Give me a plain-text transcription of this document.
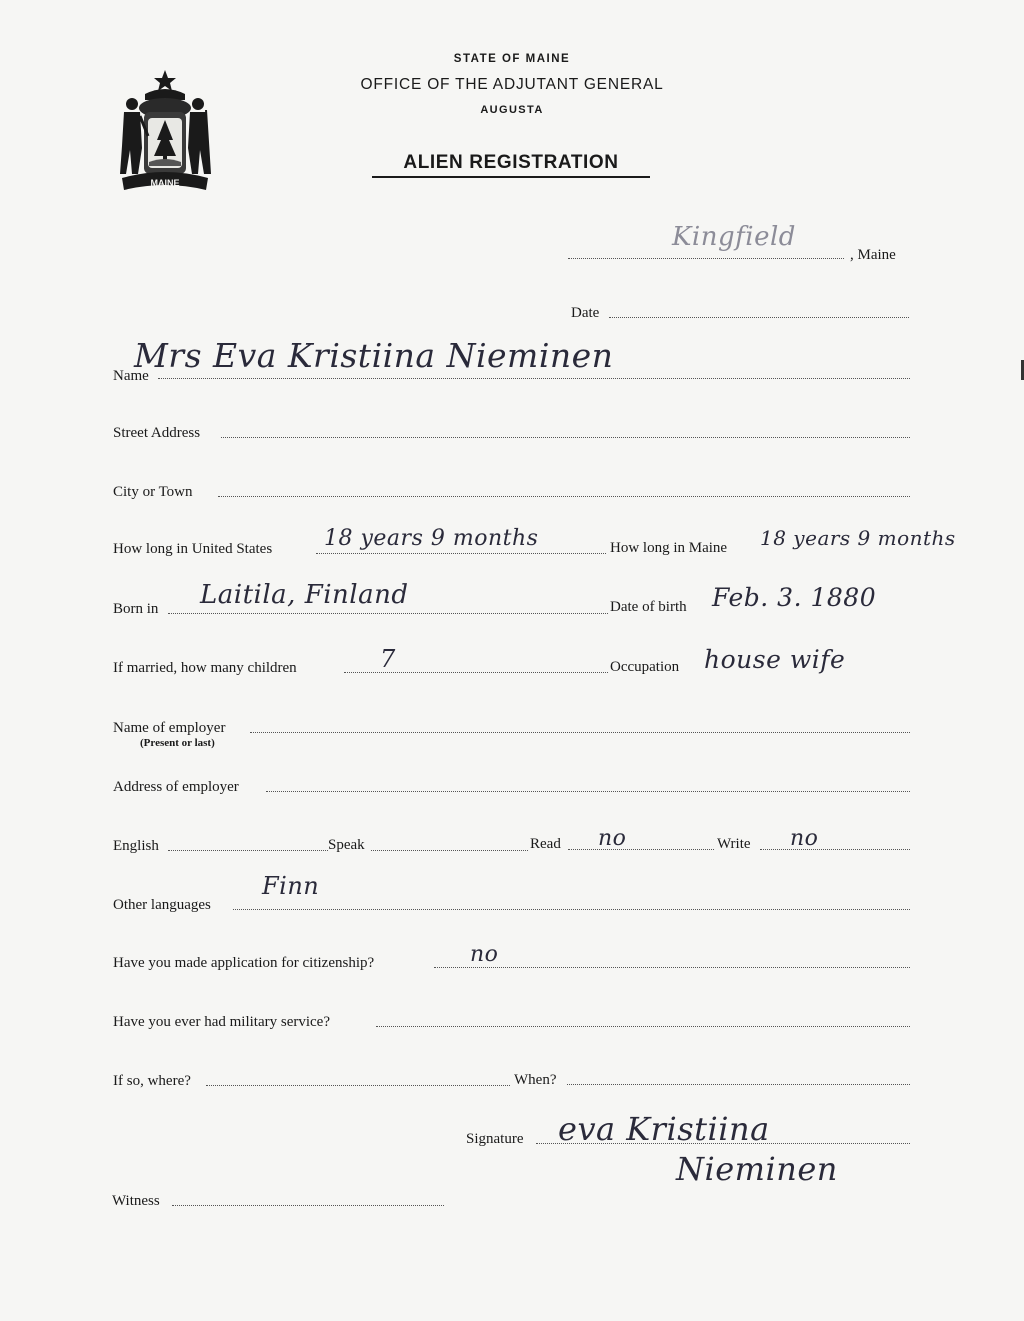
MAINE
STATE OF MAINE
OFFICE OF THE ADJUTANT GENERAL
AUGUSTA
ALIEN REGISTRATION
Kingfield
, Maine
Date
Name
Mrs Eva Kristiina Nieminen
Street Address
City or Town
How long in United States 18 years 9 months	How long in Maine 18 years 9 months
Born in Laitila, Finland	Date of birth Feb. 3. 1880
If married, how many children	7	Occupation house wife
Name of employer
(Present or last)
Address of employer
English	Speak	Read no	Write no
Other languages
Finn
Have you made application for citizenship?	no
Have you ever had military service?
If so, where?	When?
Signature eva Kristiina
Nieminen
Witness
